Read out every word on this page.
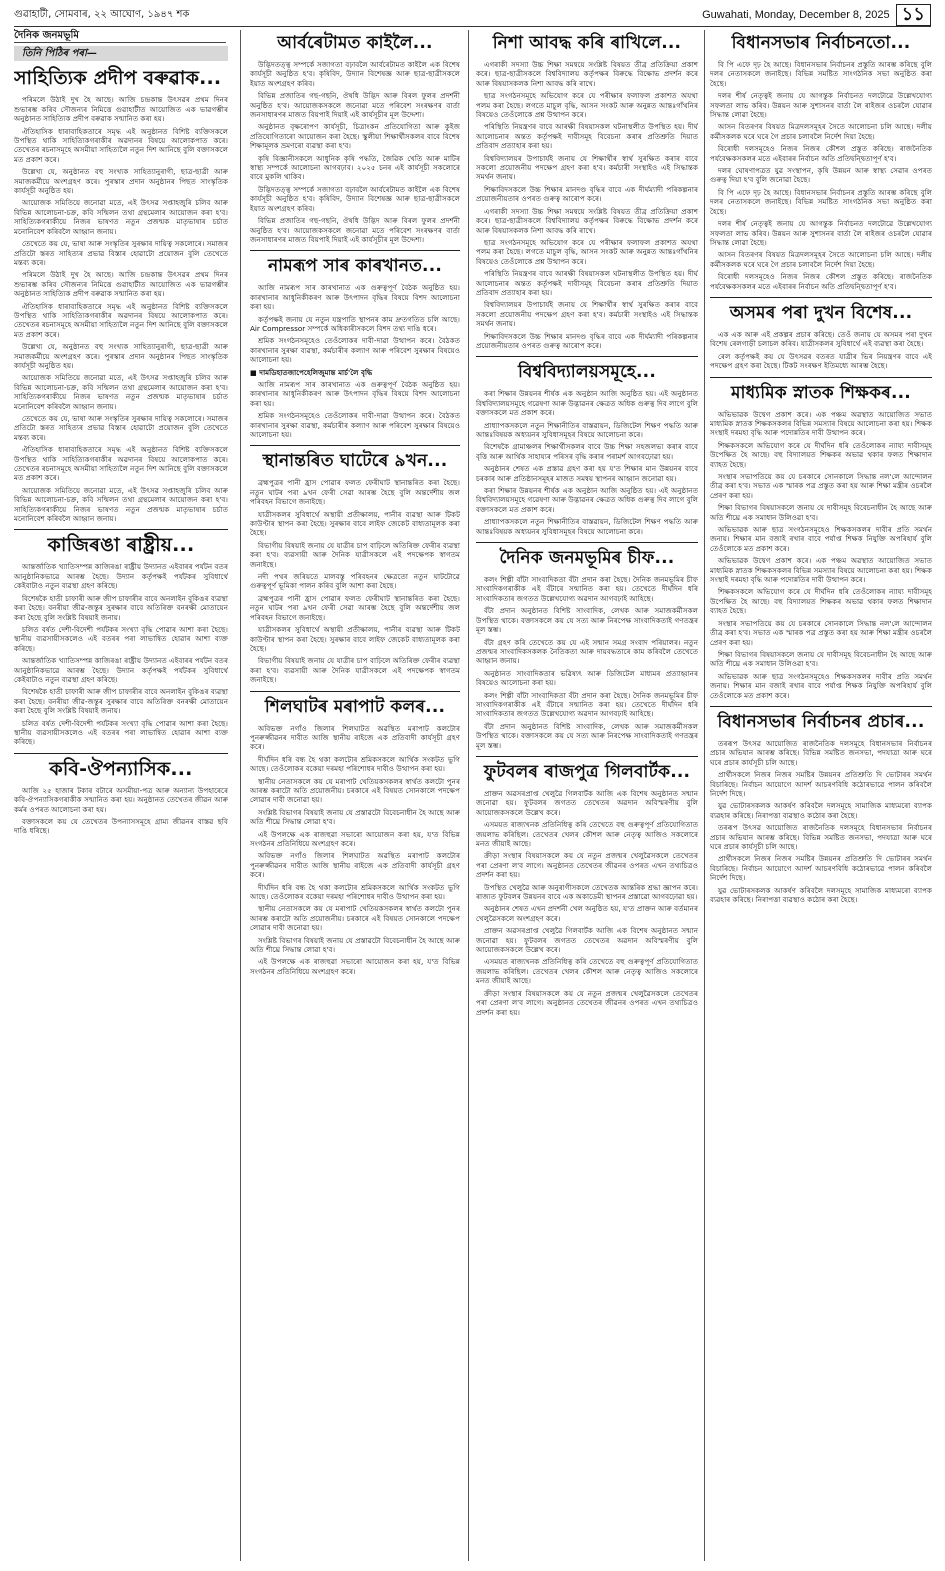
গুৱাহাটী, সোমবাৰ, ২২ আঘোণ, ১৯৪৭ শক	Guwahati, Monday, December 8, 2025 ১১
দৈনিক জনমভূমি
তিনি পিঠিৰ পৰা—
সাহিত্যিক প্ৰদীপ বৰুৱাক...

পৰিমলে উঠাই দুখ হৈ আছে। আজি চন্দ্ৰকান্ত উৎসৱৰ প্ৰথম দিনৰ শুভাৰম্ভ কৰিব সৌজন্যৰ নিমিত্তে গুৱাহাটীত আয়োজিত এক ভাৱগম্ভীৰ অনুষ্ঠানত সাহিত্যিক প্ৰদীপ বৰুৱাক সন্মানিত কৰা হয়।

ঐতিহাসিক ধাৰাবাহিকতাৰে সমৃদ্ধ এই অনুষ্ঠানত বিশিষ্ট ব্যক্তিসকলে উপস্থিত থাকি সাহিত্যিকগৰাকীৰ অৱদানৰ বিষয়ে আলোকপাত কৰে। তেখেতৰ ৰচনাসমূহে অসমীয়া সাহিত্যলৈ নতুন দিশ আনিছে বুলি বক্তাসকলে মত প্ৰকাশ কৰে।

উল্লেখ্য যে, অনুষ্ঠানত বহু সংখ্যক সাহিত্যানুৰাগী, ছাত্ৰ-ছাত্ৰী আৰু সমাজকৰ্মীয়ে অংশগ্ৰহণ কৰে। পুৰস্কাৰ প্ৰদান অনুষ্ঠানৰ পিছত সাংস্কৃতিক কাৰ্যসূচী অনুষ্ঠিত হয়।

আয়োজক সমিতিয়ে জনোৱা মতে, এই উৎসৱ সপ্তাহজুৰি চলিব আৰু বিভিন্ন আলোচনা-চক্ৰ, কবি সন্মিলন তথা গ্ৰন্থমেলাৰ আয়োজন কৰা হ'ব। সাহিত্যিকগৰাকীয়ে নিজৰ ভাষণত নতুন প্ৰজন্মক মাতৃভাষাৰ চৰ্চাত মনোনিবেশ কৰিবলৈ আহ্বান জনায়।

তেখেতে কয় যে, ভাষা আৰু সংস্কৃতিৰ সুৰক্ষাৰ দায়িত্ব সকলোৰে। সমাজৰ প্ৰতিটো স্তৰত সাহিত্যৰ প্ৰভাৱ বিস্তাৰ হোৱাটো প্ৰয়োজন বুলি তেখেতে মন্তব্য কৰে।

পৰিমলে উঠাই দুখ হৈ আছে। আজি চন্দ্ৰকান্ত উৎসৱৰ প্ৰথম দিনৰ শুভাৰম্ভ কৰিব সৌজন্যৰ নিমিত্তে গুৱাহাটীত আয়োজিত এক ভাৱগম্ভীৰ অনুষ্ঠানত সাহিত্যিক প্ৰদীপ বৰুৱাক সন্মানিত কৰা হয়।

ঐতিহাসিক ধাৰাবাহিকতাৰে সমৃদ্ধ এই অনুষ্ঠানত বিশিষ্ট ব্যক্তিসকলে উপস্থিত থাকি সাহিত্যিকগৰাকীৰ অৱদানৰ বিষয়ে আলোকপাত কৰে। তেখেতৰ ৰচনাসমূহে অসমীয়া সাহিত্যলৈ নতুন দিশ আনিছে বুলি বক্তাসকলে মত প্ৰকাশ কৰে।

উল্লেখ্য যে, অনুষ্ঠানত বহু সংখ্যক সাহিত্যানুৰাগী, ছাত্ৰ-ছাত্ৰী আৰু সমাজকৰ্মীয়ে অংশগ্ৰহণ কৰে। পুৰস্কাৰ প্ৰদান অনুষ্ঠানৰ পিছত সাংস্কৃতিক কাৰ্যসূচী অনুষ্ঠিত হয়।

আয়োজক সমিতিয়ে জনোৱা মতে, এই উৎসৱ সপ্তাহজুৰি চলিব আৰু বিভিন্ন আলোচনা-চক্ৰ, কবি সন্মিলন তথা গ্ৰন্থমেলাৰ আয়োজন কৰা হ'ব। সাহিত্যিকগৰাকীয়ে নিজৰ ভাষণত নতুন প্ৰজন্মক মাতৃভাষাৰ চৰ্চাত মনোনিবেশ কৰিবলৈ আহ্বান জনায়।

তেখেতে কয় যে, ভাষা আৰু সংস্কৃতিৰ সুৰক্ষাৰ দায়িত্ব সকলোৰে। সমাজৰ প্ৰতিটো স্তৰত সাহিত্যৰ প্ৰভাৱ বিস্তাৰ হোৱাটো প্ৰয়োজন বুলি তেখেতে মন্তব্য কৰে।

ঐতিহাসিক ধাৰাবাহিকতাৰে সমৃদ্ধ এই অনুষ্ঠানত বিশিষ্ট ব্যক্তিসকলে উপস্থিত থাকি সাহিত্যিকগৰাকীৰ অৱদানৰ বিষয়ে আলোকপাত কৰে। তেখেতৰ ৰচনাসমূহে অসমীয়া সাহিত্যলৈ নতুন দিশ আনিছে বুলি বক্তাসকলে মত প্ৰকাশ কৰে।

আয়োজক সমিতিয়ে জনোৱা মতে, এই উৎসৱ সপ্তাহজুৰি চলিব আৰু বিভিন্ন আলোচনা-চক্ৰ, কবি সন্মিলন তথা গ্ৰন্থমেলাৰ আয়োজন কৰা হ'ব। সাহিত্যিকগৰাকীয়ে নিজৰ ভাষণত নতুন প্ৰজন্মক মাতৃভাষাৰ চৰ্চাত মনোনিবেশ কৰিবলৈ আহ্বান জনায়।

কাজিৰঙা ৰাষ্ট্ৰীয়...

আন্তৰ্জাতিক খ্যাতিসম্পন্ন কাজিৰঙা ৰাষ্ট্ৰীয় উদ্যানত এইবাৰৰ পৰ্যটন বতৰ আনুষ্ঠানিকভাৱে আৰম্ভ হৈছে। উদ্যান কৰ্তৃপক্ষই পৰ্যটকৰ সুবিধাৰ্থে কেইবাটাও নতুন ব্যৱস্থা গ্ৰহণ কৰিছে।

বিশেষকৈ হাতী চাফাৰী আৰু জীপ চাফাৰীৰ বাবে অনলাইন বুকিঙৰ ব্যৱস্থা কৰা হৈছে। বনৰীয়া জীৱ-জন্তুৰ সুৰক্ষাৰ বাবে অতিৰিক্ত বনৰক্ষী মোতায়েন কৰা হৈছে বুলি সংশ্লিষ্ট বিষয়াই জনায়।

চলিত বৰ্ষত দেশী-বিদেশী পৰ্যটকৰ সংখ্যা বৃদ্ধি পোৱাৰ আশা কৰা হৈছে। স্থানীয় ব্যৱসায়ীসকলেও এই বতৰৰ পৰা লাভান্বিত হোৱাৰ আশা ব্যক্ত কৰিছে।

আন্তৰ্জাতিক খ্যাতিসম্পন্ন কাজিৰঙা ৰাষ্ট্ৰীয় উদ্যানত এইবাৰৰ পৰ্যটন বতৰ আনুষ্ঠানিকভাৱে আৰম্ভ হৈছে। উদ্যান কৰ্তৃপক্ষই পৰ্যটকৰ সুবিধাৰ্থে কেইবাটাও নতুন ব্যৱস্থা গ্ৰহণ কৰিছে।

বিশেষকৈ হাতী চাফাৰী আৰু জীপ চাফাৰীৰ বাবে অনলাইন বুকিঙৰ ব্যৱস্থা কৰা হৈছে। বনৰীয়া জীৱ-জন্তুৰ সুৰক্ষাৰ বাবে অতিৰিক্ত বনৰক্ষী মোতায়েন কৰা হৈছে বুলি সংশ্লিষ্ট বিষয়াই জনায়।

চলিত বৰ্ষত দেশী-বিদেশী পৰ্যটকৰ সংখ্যা বৃদ্ধি পোৱাৰ আশা কৰা হৈছে। স্থানীয় ব্যৱসায়ীসকলেও এই বতৰৰ পৰা লাভান্বিত হোৱাৰ আশা ব্যক্ত কৰিছে।

কবি-ঔপন্যাসিক...

আজি ২৫ হাজাৰ টকাৰ বটাৰে অসমীয়া-পত্ৰ আৰু অন্যান্য উপহাৰেৰে কবি-ঔপন্যাসিকগৰাকীক সন্মানিত কৰা হয়। অনুষ্ঠানত তেখেতৰ জীৱন আৰু কৰ্মৰ ওপৰত আলোচনা কৰা হয়।

বক্তাসকলে কয় যে তেখেতৰ উপন্যাসসমূহে গ্ৰাম্য জীৱনৰ বাস্তৱ ছবি দাঙি ধৰিছে।

আৰ্বৰেটামত কাইলৈ...

উদ্ভিদতত্ত্ব সম্পৰ্কে সজাগতা বঢ়াবলৈ আৰ্বৰেটামত কাইলৈ এক বিশেষ কাৰ্যসূচী অনুষ্ঠিত হ'ব। কৃষিবিদ, উদ্যান বিশেষজ্ঞ আৰু ছাত্ৰ-ছাত্ৰীসকলে ইয়াত অংশগ্ৰহণ কৰিব।

বিভিন্ন প্ৰজাতিৰ গছ-গছনি, ঔষধি উদ্ভিদ আৰু বিৰল ফুলৰ প্ৰদৰ্শনী অনুষ্ঠিত হ'ব। আয়োজকসকলে জনোৱা মতে পৰিবেশ সংৰক্ষণৰ বাৰ্তা জনসাধাৰণৰ মাজত বিয়পাই দিয়াই এই কাৰ্যসূচীৰ মূল উদ্দেশ্য।

অনুষ্ঠানত বৃক্ষৰোপণ কাৰ্যসূচী, চিত্ৰাংকন প্ৰতিযোগিতা আৰু কুইজ প্ৰতিযোগিতাৰো আয়োজন কৰা হৈছে। স্কুলীয়া শিক্ষাৰ্থীসকলৰ বাবে বিশেষ শিক্ষামূলক ভ্ৰমণৰো ব্যৱস্থা কৰা হ'ব।

কৃষি বিজ্ঞানীসকলে আধুনিক কৃষি পদ্ধতি, জৈৱিক খেতি আৰু মাটিৰ স্বাস্থ্য সম্পৰ্কে আলোচনা আগবঢ়াব। ২০২৫ চনৰ এই কাৰ্যসূচী সকলোৰে বাবে মুকলি থাকিব।

উদ্ভিদতত্ত্ব সম্পৰ্কে সজাগতা বঢ়াবলৈ আৰ্বৰেটামত কাইলৈ এক বিশেষ কাৰ্যসূচী অনুষ্ঠিত হ'ব। কৃষিবিদ, উদ্যান বিশেষজ্ঞ আৰু ছাত্ৰ-ছাত্ৰীসকলে ইয়াত অংশগ্ৰহণ কৰিব।

বিভিন্ন প্ৰজাতিৰ গছ-গছনি, ঔষধি উদ্ভিদ আৰু বিৰল ফুলৰ প্ৰদৰ্শনী অনুষ্ঠিত হ'ব। আয়োজকসকলে জনোৱা মতে পৰিবেশ সংৰক্ষণৰ বাৰ্তা জনসাধাৰণৰ মাজত বিয়পাই দিয়াই এই কাৰ্যসূচীৰ মূল উদ্দেশ্য।

নামৰূপ সাৰ কাৰখানত...

আজি নামৰূপ সাৰ কাৰখানাত এক গুৰুত্বপূৰ্ণ বৈঠক অনুষ্ঠিত হয়। কাৰখানাৰ আধুনিকীকৰণ আৰু উৎপাদন বৃদ্ধিৰ বিষয়ে বিশদ আলোচনা কৰা হয়।

কৰ্তৃপক্ষই জনায় যে নতুন যন্ত্ৰপাতি স্থাপনৰ কাম দ্ৰুতগতিত চলি আছে। Air Compressor সম্পৰ্কে অধিকাৰীসকলে বিশদ তথ্য দাঙি ধৰে।

শ্ৰমিক সংগঠনসমূহেও তেওঁলোকৰ দাবী-দাৱা উত্থাপন কৰে। বৈঠকত কাৰখানাৰ সুৰক্ষা ব্যৱস্থা, কৰ্মচাৰীৰ কল্যাণ আৰু পৰিবেশ সুৰক্ষাৰ বিষয়েও আলোচনা হয়।

■ দামডিহাতজাপেহেলিজুমান্ত মাৰ্চ'লৈ বৃদ্ধি

আজি নামৰূপ সাৰ কাৰখানাত এক গুৰুত্বপূৰ্ণ বৈঠক অনুষ্ঠিত হয়। কাৰখানাৰ আধুনিকীকৰণ আৰু উৎপাদন বৃদ্ধিৰ বিষয়ে বিশদ আলোচনা কৰা হয়।

শ্ৰমিক সংগঠনসমূহেও তেওঁলোকৰ দাবী-দাৱা উত্থাপন কৰে। বৈঠকত কাৰখানাৰ সুৰক্ষা ব্যৱস্থা, কৰ্মচাৰীৰ কল্যাণ আৰু পৰিবেশ সুৰক্ষাৰ বিষয়েও আলোচনা হয়।

স্থানান্তৰিত ঘাটেৰে ৯খন...

ব্ৰহ্মপুত্ৰৰ পানী হ্ৰাস পোৱাৰ ফলত ফেৰীঘাট স্থানান্তৰিত কৰা হৈছে। নতুন ঘাটৰ পৰা ৯খন ফেৰী সেৱা আৰম্ভ হৈছে বুলি অন্তৰ্দেশীয় জল পৰিবহন বিভাগে জনাইছে।

যাত্ৰীসকলৰ সুবিধাৰ্থে অস্থায়ী প্ৰতীক্ষালয়, পানীৰ ব্যৱস্থা আৰু টিকট কাউণ্টাৰ স্থাপন কৰা হৈছে। সুৰক্ষাৰ বাবে লাইফ জেকেট বাধ্যতামূলক কৰা হৈছে।

বিভাগীয় বিষয়াই জনায় যে যাত্ৰীৰ চাপ বাঢ়িলে অতিৰিক্ত ফেৰীৰ ব্যৱস্থা কৰা হ'ব। ব্যৱসায়ী আৰু দৈনিক যাত্ৰীসকলে এই পদক্ষেপক স্বাগতম জনাইছে।

নদী পথৰ জৰিয়তে মালবস্তু পৰিবহনৰ ক্ষেত্ৰতো নতুন ঘাটটোৱে গুৰুত্বপূৰ্ণ ভূমিকা পালন কৰিব বুলি আশা কৰা হৈছে।

ব্ৰহ্মপুত্ৰৰ পানী হ্ৰাস পোৱাৰ ফলত ফেৰীঘাট স্থানান্তৰিত কৰা হৈছে। নতুন ঘাটৰ পৰা ৯খন ফেৰী সেৱা আৰম্ভ হৈছে বুলি অন্তৰ্দেশীয় জল পৰিবহন বিভাগে জনাইছে।

যাত্ৰীসকলৰ সুবিধাৰ্থে অস্থায়ী প্ৰতীক্ষালয়, পানীৰ ব্যৱস্থা আৰু টিকট কাউণ্টাৰ স্থাপন কৰা হৈছে। সুৰক্ষাৰ বাবে লাইফ জেকেট বাধ্যতামূলক কৰা হৈছে।

বিভাগীয় বিষয়াই জনায় যে যাত্ৰীৰ চাপ বাঢ়িলে অতিৰিক্ত ফেৰীৰ ব্যৱস্থা কৰা হ'ব। ব্যৱসায়ী আৰু দৈনিক যাত্ৰীসকলে এই পদক্ষেপক স্বাগতম জনাইছে।

শিলঘাটৰ মৰাপাট কলৰ...

অবিভক্ত নগাঁও জিলাৰ শিলঘাটত অৱস্থিত মৰাপাট কলটোৰ পুনৰুজ্জীৱনৰ দাবীত আজি স্থানীয় ৰাইজে এক প্ৰতিবাদী কাৰ্যসূচী গ্ৰহণ কৰে।

দীৰ্ঘদিন ধৰি বন্ধ হৈ থকা কলটোৰ শ্ৰমিকসকলে আৰ্থিক সংকটত ভুগি আছে। তেওঁলোকৰ বকেয়া দৰমহা পৰিশোধৰ দাবীও উত্থাপন কৰা হয়।

স্থানীয় নেতাসকলে কয় যে মৰাপাট খেতিয়কসকলৰ স্বাৰ্থত কলটো পুনৰ আৰম্ভ কৰাটো অতি প্ৰয়োজনীয়। চৰকাৰে এই বিষয়ত সোনকালে পদক্ষেপ লোৱাৰ দাবী জনোৱা হয়।

সংশ্লিষ্ট বিভাগৰ বিষয়াই জনায় যে প্ৰস্তাৱটো বিবেচনাধীন হৈ আছে আৰু অতি শীঘ্ৰে সিদ্ধান্ত লোৱা হ'ব।

এই উপলক্ষে এক ৰাজহুৱা সভাৰো আয়োজন কৰা হয়, য'ত বিভিন্ন সংগঠনৰ প্ৰতিনিধিয়ে অংশগ্ৰহণ কৰে।

অবিভক্ত নগাঁও জিলাৰ শিলঘাটত অৱস্থিত মৰাপাট কলটোৰ পুনৰুজ্জীৱনৰ দাবীত আজি স্থানীয় ৰাইজে এক প্ৰতিবাদী কাৰ্যসূচী গ্ৰহণ কৰে।

দীৰ্ঘদিন ধৰি বন্ধ হৈ থকা কলটোৰ শ্ৰমিকসকলে আৰ্থিক সংকটত ভুগি আছে। তেওঁলোকৰ বকেয়া দৰমহা পৰিশোধৰ দাবীও উত্থাপন কৰা হয়।

স্থানীয় নেতাসকলে কয় যে মৰাপাট খেতিয়কসকলৰ স্বাৰ্থত কলটো পুনৰ আৰম্ভ কৰাটো অতি প্ৰয়োজনীয়। চৰকাৰে এই বিষয়ত সোনকালে পদক্ষেপ লোৱাৰ দাবী জনোৱা হয়।

সংশ্লিষ্ট বিভাগৰ বিষয়াই জনায় যে প্ৰস্তাৱটো বিবেচনাধীন হৈ আছে আৰু অতি শীঘ্ৰে সিদ্ধান্ত লোৱা হ'ব।

এই উপলক্ষে এক ৰাজহুৱা সভাৰো আয়োজন কৰা হয়, য'ত বিভিন্ন সংগঠনৰ প্ৰতিনিধিয়ে অংশগ্ৰহণ কৰে।

নিশা আবদ্ধ কৰি ৰাখিলে...

এগৰাকী সদস্যা উচ্চ শিক্ষা সমন্বয়ে সংশ্লিষ্ট বিষয়ত তীব্ৰ প্ৰতিক্ৰিয়া প্ৰকাশ কৰে। ছাত্ৰ-ছাত্ৰীসকলে বিশ্ববিদ্যালয় কৰ্তৃপক্ষৰ বিৰুদ্ধে বিক্ষোভ প্ৰদৰ্শন কৰে আৰু বিষয়াসকলক নিশা আবদ্ধ কৰি ৰাখে।

ছাত্ৰ সংগঠনসমূহে অভিযোগ কৰে যে পৰীক্ষাৰ ফলাফল প্ৰকাশত অযথা পলম কৰা হৈছে। লগতে মাচুল বৃদ্ধি, আসন সংকট আৰু অনুন্নত আন্তঃগাঁথনিৰ বিষয়েও তেওঁলোকে প্ৰশ্ন উত্থাপন কৰে।

পৰিস্থিতি নিয়ন্ত্ৰণৰ বাবে আৰক্ষী বিষয়াসকল ঘটনাস্থলীত উপস্থিত হয়। দীৰ্ঘ আলোচনাৰ অন্তত কৰ্তৃপক্ষই দাবীসমূহ বিবেচনা কৰাৰ প্ৰতিশ্ৰুতি দিয়াত প্ৰতিবাদ প্ৰত্যাহাৰ কৰা হয়।

বিশ্ববিদ্যালয়ৰ উপাচাৰ্যই জনায় যে শিক্ষাৰ্থীৰ স্বাৰ্থ সুৰক্ষিত কৰাৰ বাবে সকলো প্ৰয়োজনীয় পদক্ষেপ গ্ৰহণ কৰা হ'ব। কৰ্মচাৰী সংস্থাইও এই সিদ্ধান্তক সমৰ্থন জনায়।

শিক্ষাবিদসকলে উচ্চ শিক্ষাৰ মানদণ্ড বৃদ্ধিৰ বাবে এক দীৰ্ঘম্যাদী পৰিকল্পনাৰ প্ৰয়োজনীয়তাৰ ওপৰত গুৰুত্ব আৰোপ কৰে।

এগৰাকী সদস্যা উচ্চ শিক্ষা সমন্বয়ে সংশ্লিষ্ট বিষয়ত তীব্ৰ প্ৰতিক্ৰিয়া প্ৰকাশ কৰে। ছাত্ৰ-ছাত্ৰীসকলে বিশ্ববিদ্যালয় কৰ্তৃপক্ষৰ বিৰুদ্ধে বিক্ষোভ প্ৰদৰ্শন কৰে আৰু বিষয়াসকলক নিশা আবদ্ধ কৰি ৰাখে।

ছাত্ৰ সংগঠনসমূহে অভিযোগ কৰে যে পৰীক্ষাৰ ফলাফল প্ৰকাশত অযথা পলম কৰা হৈছে। লগতে মাচুল বৃদ্ধি, আসন সংকট আৰু অনুন্নত আন্তঃগাঁথনিৰ বিষয়েও তেওঁলোকে প্ৰশ্ন উত্থাপন কৰে।

পৰিস্থিতি নিয়ন্ত্ৰণৰ বাবে আৰক্ষী বিষয়াসকল ঘটনাস্থলীত উপস্থিত হয়। দীৰ্ঘ আলোচনাৰ অন্তত কৰ্তৃপক্ষই দাবীসমূহ বিবেচনা কৰাৰ প্ৰতিশ্ৰুতি দিয়াত প্ৰতিবাদ প্ৰত্যাহাৰ কৰা হয়।

বিশ্ববিদ্যালয়ৰ উপাচাৰ্যই জনায় যে শিক্ষাৰ্থীৰ স্বাৰ্থ সুৰক্ষিত কৰাৰ বাবে সকলো প্ৰয়োজনীয় পদক্ষেপ গ্ৰহণ কৰা হ'ব। কৰ্মচাৰী সংস্থাইও এই সিদ্ধান্তক সমৰ্থন জনায়।

শিক্ষাবিদসকলে উচ্চ শিক্ষাৰ মানদণ্ড বৃদ্ধিৰ বাবে এক দীৰ্ঘম্যাদী পৰিকল্পনাৰ প্ৰয়োজনীয়তাৰ ওপৰত গুৰুত্ব আৰোপ কৰে।

বিশ্ববিদ্যালয়সমূহে...

কৰা শিক্ষাৰ উন্নয়নৰ শীৰ্ষক এক অনুষ্ঠান আজি অনুষ্ঠিত হয়। এই অনুষ্ঠানত বিশ্ববিদ্যালয়সমূহে গৱেষণা আৰু উদ্ভাৱনৰ ক্ষেত্ৰত অধিক গুৰুত্ব দিব লাগে বুলি বক্তাসকলে মত প্ৰকাশ কৰে।

প্ৰাধ্যাপকসকলে নতুন শিক্ষানীতিৰ বাস্তৱায়ন, ডিজিটেল শিক্ষণ পদ্ধতি আৰু আন্তঃবিষয়ক অধ্যয়নৰ সুবিধাসমূহৰ বিষয়ে আলোচনা কৰে।

বিশেষকৈ গ্ৰামাঞ্চলৰ শিক্ষাৰ্থীসকলৰ বাবে উচ্চ শিক্ষা সহজলভ্য কৰাৰ বাবে বৃত্তি আৰু আৰ্থিক সাহায্যৰ পৰিসৰ বৃদ্ধি কৰাৰ পৰামৰ্শ আগবঢ়োৱা হয়।

অনুষ্ঠানৰ শেষত এক প্ৰস্তাৱ গ্ৰহণ কৰা হয় য'ত শিক্ষাৰ মান উন্নয়নৰ বাবে চৰকাৰ আৰু প্ৰতিষ্ঠানসমূহৰ মাজত সমন্বয় স্থাপনৰ আহ্বান জনোৱা হয়।

কৰা শিক্ষাৰ উন্নয়নৰ শীৰ্ষক এক অনুষ্ঠান আজি অনুষ্ঠিত হয়। এই অনুষ্ঠানত বিশ্ববিদ্যালয়সমূহে গৱেষণা আৰু উদ্ভাৱনৰ ক্ষেত্ৰত অধিক গুৰুত্ব দিব লাগে বুলি বক্তাসকলে মত প্ৰকাশ কৰে।

প্ৰাধ্যাপকসকলে নতুন শিক্ষানীতিৰ বাস্তৱায়ন, ডিজিটেল শিক্ষণ পদ্ধতি আৰু আন্তঃবিষয়ক অধ্যয়নৰ সুবিধাসমূহৰ বিষয়ে আলোচনা কৰে।

দৈনিক জনমভূমিৰ চীফ...

কলং শিল্পী বাঁটা সাংবাদিকতা বঁটা প্ৰদান কৰা হৈছে। দৈনিক জনমভূমিৰ চীফ সাংবাদিকগৰাকীক এই বঁটাৰে সন্মানিত কৰা হয়। তেখেতে দীৰ্ঘদিন ধৰি সাংবাদিকতাৰ জগতত উল্লেখযোগ্য অৱদান আগবঢ়াই আহিছে।

বঁটা প্ৰদান অনুষ্ঠানত বিশিষ্ট সাংবাদিক, লেখক আৰু সমাজকৰ্মীসকল উপস্থিত থাকে। বক্তাসকলে কয় যে সত্য আৰু নিৰপেক্ষ সাংবাদিকতাই গণতন্ত্ৰৰ মূল স্তম্ভ।

বঁটা গ্ৰহণ কৰি তেখেতে কয় যে এই সন্মান সমগ্ৰ সংবাদ পৰিয়ালৰ। নতুন প্ৰজন্মৰ সাংবাদিকসকলক নৈতিকতা আৰু দায়বদ্ধতাৰে কাম কৰিবলৈ তেখেতে আহ্বান জনায়।

অনুষ্ঠানত সাংবাদিকতাৰ ভৱিষ্যৎ আৰু ডিজিটেল মাধ্যমৰ প্ৰত্যাহ্বানৰ বিষয়েও আলোচনা কৰা হয়।

কলং শিল্পী বাঁটা সাংবাদিকতা বঁটা প্ৰদান কৰা হৈছে। দৈনিক জনমভূমিৰ চীফ সাংবাদিকগৰাকীক এই বঁটাৰে সন্মানিত কৰা হয়। তেখেতে দীৰ্ঘদিন ধৰি সাংবাদিকতাৰ জগতত উল্লেখযোগ্য অৱদান আগবঢ়াই আহিছে।

বঁটা প্ৰদান অনুষ্ঠানত বিশিষ্ট সাংবাদিক, লেখক আৰু সমাজকৰ্মীসকল উপস্থিত থাকে। বক্তাসকলে কয় যে সত্য আৰু নিৰপেক্ষ সাংবাদিকতাই গণতন্ত্ৰৰ মূল স্তম্ভ।

ফুটবলৰ ৰাজপুত্ৰ গিলবাৰ্টক...

প্ৰাক্তন অৱসৰপ্ৰাপ্ত খেলুৱৈ গিলবাৰ্টক আজি এক বিশেষ অনুষ্ঠানত সন্মান জনোৱা হয়। ফুটবলৰ জগতত তেখেতৰ অৱদান অবিস্মৰণীয় বুলি আয়োজকসকলে উল্লেখ কৰে।

এসময়ত ৰাজ্যখনক প্ৰতিনিধিত্ব কৰি তেখেতে বহু গুৰুত্বপূৰ্ণ প্ৰতিযোগিতাত জয়লাভ কৰিছিল। তেখেতৰ খেলৰ কৌশল আৰু নেতৃত্ব আজিও সকলোৰে মনত জীয়াই আছে।

ক্ৰীড়া সংস্থাৰ বিষয়াসকলে কয় যে নতুন প্ৰজন্মৰ খেলুৱৈসকলে তেখেতৰ পৰা প্ৰেৰণা ল'ব লাগে। অনুষ্ঠানত তেখেতৰ জীৱনৰ ওপৰত এখন তথ্যচিত্ৰও প্ৰদৰ্শন কৰা হয়।

উপস্থিত খেলুৱৈ আৰু অনুৰাগীসকলে তেখেতক আন্তৰিক শ্ৰদ্ধা জ্ঞাপন কৰে। ৰাজ্যত ফুটবলৰ উন্নয়নৰ বাবে এক অকাডেমী স্থাপনৰ প্ৰস্তাৱো আগবঢ়োৱা হয়।

অনুষ্ঠানৰ শেষত এখন প্ৰদৰ্শনী খেল অনুষ্ঠিত হয়, য'ত প্ৰাক্তন আৰু বৰ্তমানৰ খেলুৱৈসকলে অংশগ্ৰহণ কৰে।

প্ৰাক্তন অৱসৰপ্ৰাপ্ত খেলুৱৈ গিলবাৰ্টক আজি এক বিশেষ অনুষ্ঠানত সন্মান জনোৱা হয়। ফুটবলৰ জগতত তেখেতৰ অৱদান অবিস্মৰণীয় বুলি আয়োজকসকলে উল্লেখ কৰে।

এসময়ত ৰাজ্যখনক প্ৰতিনিধিত্ব কৰি তেখেতে বহু গুৰুত্বপূৰ্ণ প্ৰতিযোগিতাত জয়লাভ কৰিছিল। তেখেতৰ খেলৰ কৌশল আৰু নেতৃত্ব আজিও সকলোৰে মনত জীয়াই আছে।

ক্ৰীড়া সংস্থাৰ বিষয়াসকলে কয় যে নতুন প্ৰজন্মৰ খেলুৱৈসকলে তেখেতৰ পৰা প্ৰেৰণা ল'ব লাগে। অনুষ্ঠানত তেখেতৰ জীৱনৰ ওপৰত এখন তথ্যচিত্ৰও প্ৰদৰ্শন কৰা হয়।

বিধানসভাৰ নিৰ্বাচনতো...

বি পি এফে দৃঢ় হৈ আছে। বিধানসভাৰ নিৰ্বাচনৰ প্ৰস্তুতি আৰম্ভ কৰিছে বুলি দলৰ নেতাসকলে জনাইছে। বিভিন্ন সমষ্টিত সাংগঠনিক সভা অনুষ্ঠিত কৰা হৈছে।

দলৰ শীৰ্ষ নেতৃত্বই জনায় যে আগন্তুক নিৰ্বাচনত দলটোৱে উল্লেখযোগ্য সফলতা লাভ কৰিব। উন্নয়ন আৰু সুশাসনৰ বাৰ্তা লৈ ৰাইজৰ ওচৰলৈ যোৱাৰ সিদ্ধান্ত লোৱা হৈছে।

আসন বিতৰণৰ বিষয়ত মিত্ৰদলসমূহৰ সৈতে আলোচনা চলি আছে। দলীয় কৰ্মীসকলক ঘৰে ঘৰে গৈ প্ৰচাৰ চলাবলৈ নিৰ্দেশ দিয়া হৈছে।

বিৰোধী দলসমূহেও নিজৰ নিজৰ কৌশল প্ৰস্তুত কৰিছে। ৰাজনৈতিক পৰ্যবেক্ষকসকলৰ মতে এইবাৰৰ নিৰ্বাচন অতি প্ৰতিদ্বন্দ্বিতাপূৰ্ণ হ'ব।

দলৰ ঘোষণাপত্ৰত যুৱ সংস্থাপন, কৃষি উন্নয়ন আৰু স্বাস্থ্য সেৱাৰ ওপৰত গুৰুত্ব দিয়া হ'ব বুলি জনোৱা হৈছে।

বি পি এফে দৃঢ় হৈ আছে। বিধানসভাৰ নিৰ্বাচনৰ প্ৰস্তুতি আৰম্ভ কৰিছে বুলি দলৰ নেতাসকলে জনাইছে। বিভিন্ন সমষ্টিত সাংগঠনিক সভা অনুষ্ঠিত কৰা হৈছে।

দলৰ শীৰ্ষ নেতৃত্বই জনায় যে আগন্তুক নিৰ্বাচনত দলটোৱে উল্লেখযোগ্য সফলতা লাভ কৰিব। উন্নয়ন আৰু সুশাসনৰ বাৰ্তা লৈ ৰাইজৰ ওচৰলৈ যোৱাৰ সিদ্ধান্ত লোৱা হৈছে।

আসন বিতৰণৰ বিষয়ত মিত্ৰদলসমূহৰ সৈতে আলোচনা চলি আছে। দলীয় কৰ্মীসকলক ঘৰে ঘৰে গৈ প্ৰচাৰ চলাবলৈ নিৰ্দেশ দিয়া হৈছে।

বিৰোধী দলসমূহেও নিজৰ নিজৰ কৌশল প্ৰস্তুত কৰিছে। ৰাজনৈতিক পৰ্যবেক্ষকসকলৰ মতে এইবাৰৰ নিৰ্বাচন অতি প্ৰতিদ্বন্দ্বিতাপূৰ্ণ হ'ব।

অসমৰ পৰা দুখন বিশেষ...

এক এক আৰু এই প্ৰকল্পৰ প্ৰচাৰ কৰিছে। তেওঁ জনায় যে অসমৰ পৰা দুখন বিশেষ ৰেলগাড়ী চলাচল কৰিব। যাত্ৰীসকলৰ সুবিধাৰ্থে এই ব্যৱস্থা কৰা হৈছে।

ৰেল কৰ্তৃপক্ষই কয় যে উৎসৱৰ বতৰত যাত্ৰীৰ ভিৰ নিয়ন্ত্ৰণৰ বাবে এই পদক্ষেপ গ্ৰহণ কৰা হৈছে। টিকট সংৰক্ষণ ইতিমধ্যে আৰম্ভ হৈছে।

মাধ্যমিক স্নাতক শিক্ষকৰ...

অভিভাৱক উদ্বেগ প্ৰকাশ কৰে। এক পঞ্চম অৱস্থাত আয়োজিত সভাত মাধ্যমিক স্নাতক শিক্ষকসকলৰ বিভিন্ন সমস্যাৰ বিষয়ে আলোচনা কৰা হয়। শিক্ষক সংস্থাই দৰমহা বৃদ্ধি আৰু পদোন্নতিৰ দাবী উত্থাপন কৰে।

শিক্ষকসকলে অভিযোগ কৰে যে দীৰ্ঘদিন ধৰি তেওঁলোকৰ ন্যায্য দাবীসমূহ উপেক্ষিত হৈ আছে। বহু বিদ্যালয়ত শিক্ষকৰ অভাৱ থকাৰ ফলত শিক্ষাদান ব্যাহত হৈছে।

সংস্থাৰ সভাপতিয়ে কয় যে চৰকাৰে সোনকালে সিদ্ধান্ত নল'লে আন্দোলন তীব্ৰ কৰা হ'ব। সভাত এক স্মাৰক পত্ৰ প্ৰস্তুত কৰা হয় আৰু শিক্ষা মন্ত্ৰীৰ ওচৰলৈ প্ৰেৰণ কৰা হয়।

শিক্ষা বিভাগৰ বিষয়াসকলে জনায় যে দাবীসমূহ বিবেচনাধীন হৈ আছে আৰু অতি শীঘ্ৰে এক সমাধান উলিওৱা হ'ব।

অভিভাৱক আৰু ছাত্ৰ সংগঠনসমূহেও শিক্ষকসকলৰ দাবীৰ প্ৰতি সমৰ্থন জনায়। শিক্ষাৰ মান বজাই ৰখাৰ বাবে পৰ্যাপ্ত শিক্ষক নিযুক্তি অপৰিহাৰ্য বুলি তেওঁলোকে মত প্ৰকাশ কৰে।

অভিভাৱক উদ্বেগ প্ৰকাশ কৰে। এক পঞ্চম অৱস্থাত আয়োজিত সভাত মাধ্যমিক স্নাতক শিক্ষকসকলৰ বিভিন্ন সমস্যাৰ বিষয়ে আলোচনা কৰা হয়। শিক্ষক সংস্থাই দৰমহা বৃদ্ধি আৰু পদোন্নতিৰ দাবী উত্থাপন কৰে।

শিক্ষকসকলে অভিযোগ কৰে যে দীৰ্ঘদিন ধৰি তেওঁলোকৰ ন্যায্য দাবীসমূহ উপেক্ষিত হৈ আছে। বহু বিদ্যালয়ত শিক্ষকৰ অভাৱ থকাৰ ফলত শিক্ষাদান ব্যাহত হৈছে।

সংস্থাৰ সভাপতিয়ে কয় যে চৰকাৰে সোনকালে সিদ্ধান্ত নল'লে আন্দোলন তীব্ৰ কৰা হ'ব। সভাত এক স্মাৰক পত্ৰ প্ৰস্তুত কৰা হয় আৰু শিক্ষা মন্ত্ৰীৰ ওচৰলৈ প্ৰেৰণ কৰা হয়।

শিক্ষা বিভাগৰ বিষয়াসকলে জনায় যে দাবীসমূহ বিবেচনাধীন হৈ আছে আৰু অতি শীঘ্ৰে এক সমাধান উলিওৱা হ'ব।

অভিভাৱক আৰু ছাত্ৰ সংগঠনসমূহেও শিক্ষকসকলৰ দাবীৰ প্ৰতি সমৰ্থন জনায়। শিক্ষাৰ মান বজাই ৰখাৰ বাবে পৰ্যাপ্ত শিক্ষক নিযুক্তি অপৰিহাৰ্য বুলি তেওঁলোকে মত প্ৰকাশ কৰে।

বিধানসভাৰ নিৰ্বাচনৰ প্ৰচাৰ...

তৰৰূপ উৎসৱ আয়োজিত ৰাজনৈতিক দলসমূহে বিধানসভাৰ নিৰ্বাচনৰ প্ৰচাৰ অভিযান আৰম্ভ কৰিছে। বিভিন্ন সমষ্টিত জনসভা, পদযাত্ৰা আৰু ঘৰে ঘৰে প্ৰচাৰ কাৰ্যসূচী চলি আছে।

প্ৰাৰ্থীসকলে নিজৰ নিজৰ সমষ্টিৰ উন্নয়নৰ প্ৰতিশ্ৰুতি দি ভোটাৰৰ সমৰ্থন বিচাৰিছে। নিৰ্বাচন আয়োগে আদৰ্শ আচৰণবিধি কঠোৰভাৱে পালন কৰিবলৈ নিৰ্দেশ দিছে।

যুৱ ভোটাৰসকলক আকৰ্ষণ কৰিবলৈ দলসমূহে সামাজিক মাধ্যমৰো ব্যাপক ব্যৱহাৰ কৰিছে। নিৰাপত্তা ব্যৱস্থাও কঠোৰ কৰা হৈছে।

তৰৰূপ উৎসৱ আয়োজিত ৰাজনৈতিক দলসমূহে বিধানসভাৰ নিৰ্বাচনৰ প্ৰচাৰ অভিযান আৰম্ভ কৰিছে। বিভিন্ন সমষ্টিত জনসভা, পদযাত্ৰা আৰু ঘৰে ঘৰে প্ৰচাৰ কাৰ্যসূচী চলি আছে।

প্ৰাৰ্থীসকলে নিজৰ নিজৰ সমষ্টিৰ উন্নয়নৰ প্ৰতিশ্ৰুতি দি ভোটাৰৰ সমৰ্থন বিচাৰিছে। নিৰ্বাচন আয়োগে আদৰ্শ আচৰণবিধি কঠোৰভাৱে পালন কৰিবলৈ নিৰ্দেশ দিছে।

যুৱ ভোটাৰসকলক আকৰ্ষণ কৰিবলৈ দলসমূহে সামাজিক মাধ্যমৰো ব্যাপক ব্যৱহাৰ কৰিছে। নিৰাপত্তা ব্যৱস্থাও কঠোৰ কৰা হৈছে।
